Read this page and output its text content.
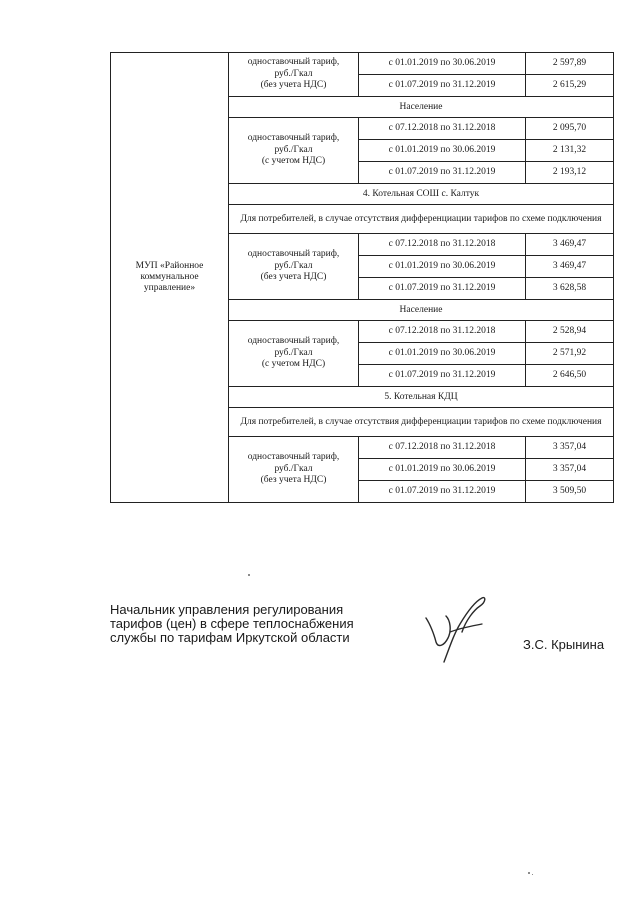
МУП «Районное коммунальное управление»	одноставочный тариф,
руб./Гкал
(без учета НДС)	с 01.01.2019 по 30.06.2019	2 597,89
		с 01.07.2019 по 31.12.2019	2 615,29
	Население		

	одноставочный тариф,
руб./Гкал
(с учетом НДС)	с 07.12.2018 по 31.12.2018	2 095,70
		с 01.01.2019 по 30.06.2019	2 131,32
		с 01.07.2019 по 31.12.2019	2 193,12
	4. Котельная СОШ с. Калтук		
	Для потребителей, в случае отсутствия дифференциации тарифов по схеме подключения		

	одноставочный тариф,
руб./Гкал
(без учета НДС)	с 07.12.2018 по 31.12.2018	3 469,47
		с 01.01.2019 по 30.06.2019	3 469,47
		с 01.07.2019 по 31.12.2019	3 628,58
	Население		

	одноставочный тариф,
руб./Гкал
(с учетом НДС)	с 07.12.2018 по 31.12.2018	2 528,94
		с 01.01.2019 по 30.06.2019	2 571,92
		с 01.07.2019 по 31.12.2019	2 646,50
	5. Котельная КДЦ		
	Для потребителей, в случае отсутствия дифференциации тарифов по схеме подключения		

	одноставочный тариф,
руб./Гкал
(без учета НДС)	с 07.12.2018 по 31.12.2018	3 357,04
		с 01.01.2019 по 30.06.2019	3 357,04
		с 01.07.2019 по 31.12.2019	3 509,50
Начальник управления регулирования
тарифов (цен) в сфере теплоснабжения
службы по тарифам Иркутской области	З.С. Крынина
